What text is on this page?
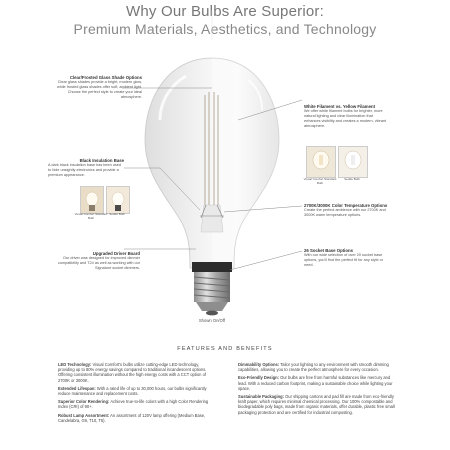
Why Our Bulbs Are Superior:
Premium Materials, Aesthetics, and Technology
Clear/Frosted Glass Shade Options
Clear glass shades provide a bright, modern glow, while frosted glass shades offer soft, ambient light. Choose the perfect style to create your ideal atmosphere.
White Filament vs. Yellow Filament
We offer white filament bulbs for brighter, more natural lighting and clear illumination that enhances visibility and creates a modern, vibrant atmosphere.
Black Insulation Base
A dark black insulation base has been used to hide unsightly electronics and provide a premium appearance.
2700K/3000K Color Temperature Options
Create the perfect ambience with our 2700K and 3000K warm temperature options.
Upgraded Driver Board
Our driver was designed for improved dimmer compatibility and T24 as well as working with our Signature socket dimmers.
26 Socket Base Options
With our wide selection of over 20 socket base options, you'll find the perfect fit for any style or need.
Shown On/Off
Visual Comfort Standard Bulb
Seddo Bulb
Visual Comfort Standard Bulb
Seddo Bulb
FEATURES AND BENEFITS
LED Technology: Visual Comfort's bulbs utilize cutting-edge LED technology, providing up to 80% energy savings compared to traditional incandescent options. Offering consistent illumination without the high energy costs with a CCT option of 2700K or 3000K.
Extended Lifespan: With a rated life of up to 30,000 hours, our bulbs significantly reduce maintenance and replacement costs.
Superior Color Rendering: Achieve true-to-life colors with a high Color Rendering Index (CRI) of 90+.
Robust Lamp Assortment: An assortment of 120V lamp offering (Medium Base, Candelabra, G9, T10, T5).
Dimmability Options: Tailor your lighting to any environment with smooth dimming capabilities, allowing you to create the perfect atmosphere for every occasion.
Eco-Friendly Design: Our bulbs are free from harmful substances like mercury and lead. With a reduced carbon footprint, making a sustainable choice while lighting your space.
Sustainable Packaging: Our shipping cartons and pad fill are made from eco-friendly kraft paper, which requires minimal chemical processing. Our 100% compostable and biodegradable poly bags, made from organic materials, offer durable, plastic free small packaging protection and are certified for industrial composting.
